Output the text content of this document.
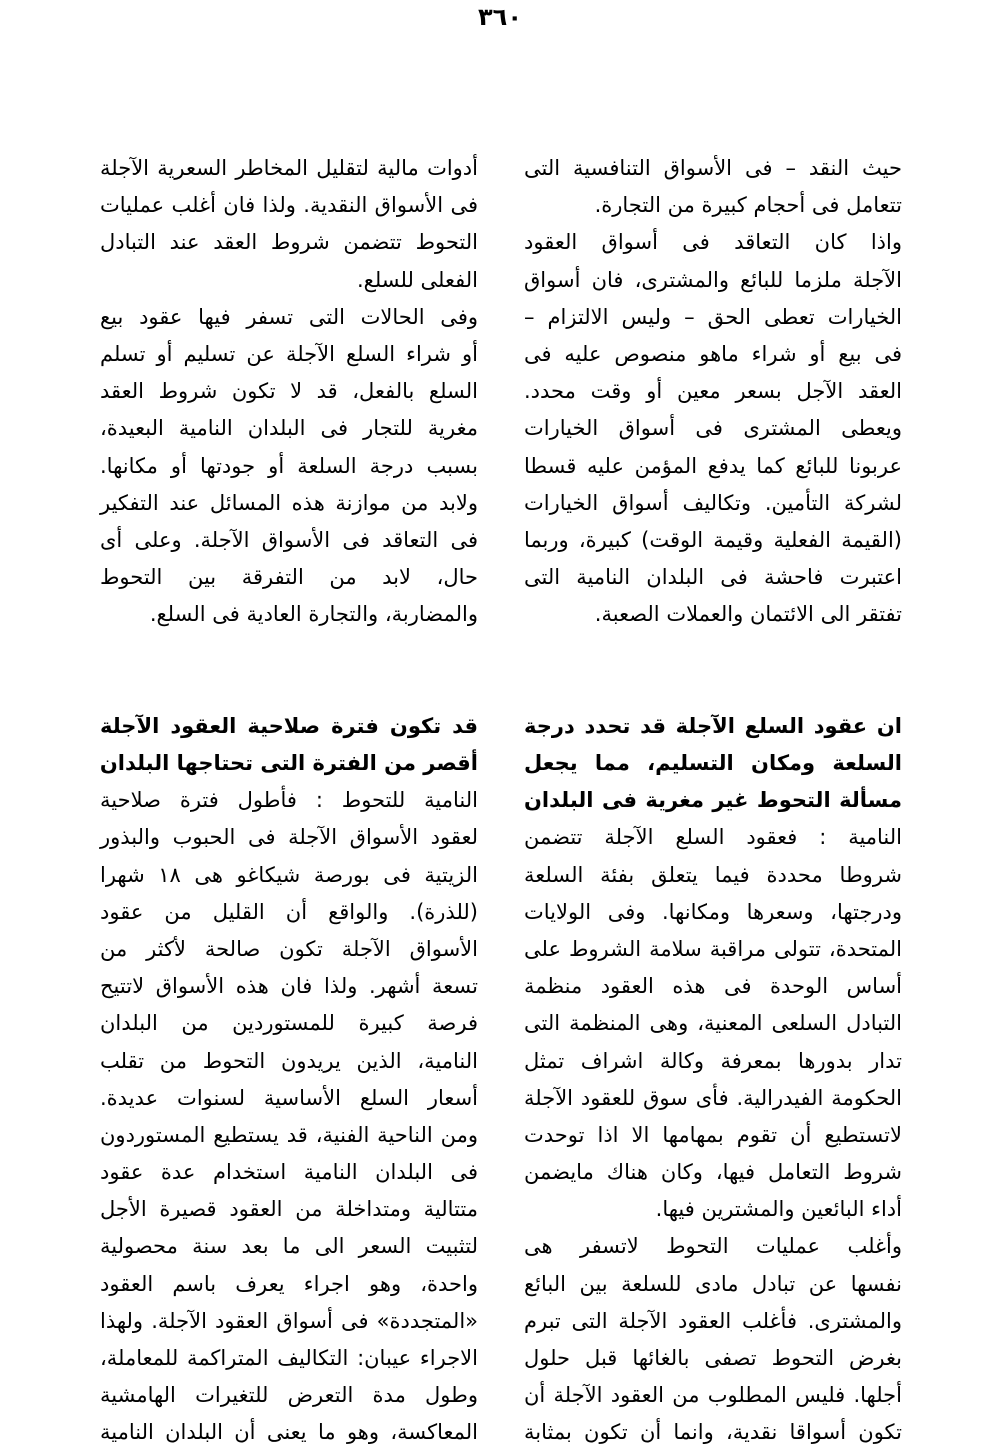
٣٦٠
حيث النقد – فى الأسواق التنافسية التى
تتعامل فى أحجام كبيرة من التجارة.
واذا كان التعاقد فى أسواق العقود
الآجلة ملزما للبائع والمشترى، فان أسواق
الخيارات تعطى الحق – وليس الالتزام –
فى بيع أو شراء ماهو منصوص عليه فى
العقد الآجل بسعر معين أو وقت محدد.
ويعطى المشترى فى أسواق الخيارات
عربونا للبائع كما يدفع المؤمن عليه قسطا
لشركة التأمين. وتكاليف أسواق الخيارات
(القيمة الفعلية وقيمة الوقت) كبيرة، وربما
اعتبرت فاحشة فى البلدان النامية التى
تفتقر الى الائتمان والعملات الصعبة.
ان عقود السلع الآجلة قد تحدد درجة
السلعة ومكان التسليم، مما يجعل
مسألة التحوط غير مغرية فى البلدان
النامية : فعقود السلع الآجلة تتضمن
شروطا محددة فيما يتعلق بفئة السلعة
ودرجتها، وسعرها ومكانها. وفى الولايات
المتحدة، تتولى مراقبة سلامة الشروط على
أساس الوحدة فى هذه العقود منظمة
التبادل السلعى المعنية، وهى المنظمة التى
تدار بدورها بمعرفة وكالة اشراف تمثل
الحكومة الفيدرالية. فأى سوق للعقود الآجلة
لاتستطيع أن تقوم بمهامها الا اذا توحدت
شروط التعامل فيها، وكان هناك مايضمن
أداء البائعين والمشترين فيها.
وأغلب عمليات التحوط لاتسفر هى
نفسها عن تبادل مادى للسلعة بين البائع
والمشترى. فأغلب العقود الآجلة التى تبرم
بغرض التحوط تصفى بالغائها قبل حلول
أجلها. فليس المطلوب من العقود الآجلة أن
تكون أسواقا نقدية، وانما أن تكون بمثابة
أدوات مالية لتقليل المخاطر السعرية الآجلة
فى الأسواق النقدية. ولذا فان أغلب عمليات
التحوط تتضمن شروط العقد عند التبادل
الفعلى للسلع.
وفى الحالات التى تسفر فيها عقود بيع
أو شراء السلع الآجلة عن تسليم أو تسلم
السلع بالفعل، قد لا تكون شروط العقد
مغرية للتجار فى البلدان النامية البعيدة،
بسبب درجة السلعة أو جودتها أو مكانها.
ولابد من موازنة هذه المسائل عند التفكير
فى التعاقد فى الأسواق الآجلة. وعلى أى
حال، لابد من التفرقة بين التحوط
والمضاربة، والتجارة العادية فى السلع.
قد تكون فترة صلاحية العقود الآجلة
أقصر من الفترة التى تحتاجها البلدان
النامية للتحوط : فأطول فترة صلاحية
لعقود الأسواق الآجلة فى الحبوب والبذور
الزيتية فى بورصة شيكاغو هى ١٨ شهرا
(للذرة). والواقع أن القليل من عقود
الأسواق الآجلة تكون صالحة لأكثر من
تسعة أشهر. ولذا فان هذه الأسواق لاتتيح
فرصة كبيرة للمستوردين من البلدان
النامية، الذين يريدون التحوط من تقلب
أسعار السلع الأساسية لسنوات عديدة.
ومن الناحية الفنية، قد يستطيع المستوردون
فى البلدان النامية استخدام عدة عقود
متتالية ومتداخلة من العقود قصيرة الأجل
لتثبيت السعر الى ما بعد سنة محصولية
واحدة، وهو اجراء يعرف باسم العقود
«المتجددة» فى أسواق العقود الآجلة. ولهذا
الاجراء عيبان: التكاليف المتراكمة للمعاملة،
وطول مدة التعرض للتغيرات الهامشية
المعاكسة، وهو ما يعنى أن البلدان النامية
